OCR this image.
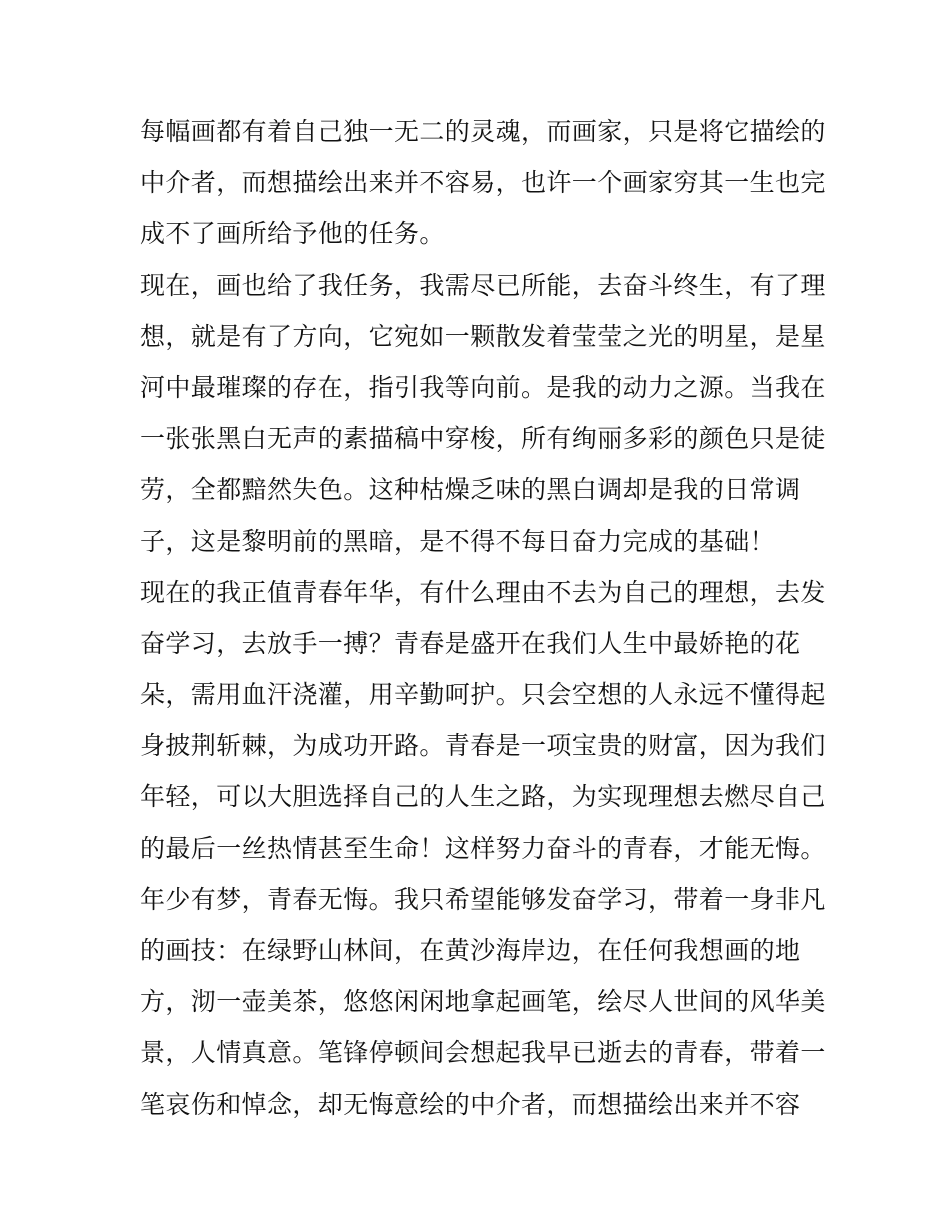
每幅画都有着自己独一无二的灵魂，而画家，只是将它描绘的
中介者，而想描绘出来并不容易，也许一个画家穷其一生也完
成不了画所给予他的任务。
现在，画也给了我任务，我需尽已所能，去奋斗终生，有了理
想，就是有了方向，它宛如一颗散发着莹莹之光的明星，是星
河中最璀璨的存在，指引我等向前。是我的动力之源。当我在
一张张黑白无声的素描稿中穿梭，所有绚丽多彩的颜色只是徒
劳，全都黯然失色。这种枯燥乏味的黑白调却是我的日常调
子，这是黎明前的黑暗，是不得不每日奋力完成的基础！
现在的我正值青春年华，有什么理由不去为自己的理想，去发
奋学习，去放手一搏？青春是盛开在我们人生中最娇艳的花
朵，需用血汗浇灌，用辛勤呵护。只会空想的人永远不懂得起
身披荆斩棘，为成功开路。青春是一项宝贵的财富，因为我们
年轻，可以大胆选择自己的人生之路，为实现理想去燃尽自己
的最后一丝热情甚至生命！这样努力奋斗的青春，才能无悔。
年少有梦，青春无悔。我只希望能够发奋学习，带着一身非凡
的画技：在绿野山林间，在黄沙海岸边，在任何我想画的地
方，沏一壶美茶，悠悠闲闲地拿起画笔，绘尽人世间的风华美
景，人情真意。笔锋停顿间会想起我早已逝去的青春，带着一
笔哀伤和悼念，却无悔意绘的中介者，而想描绘出来并不容
